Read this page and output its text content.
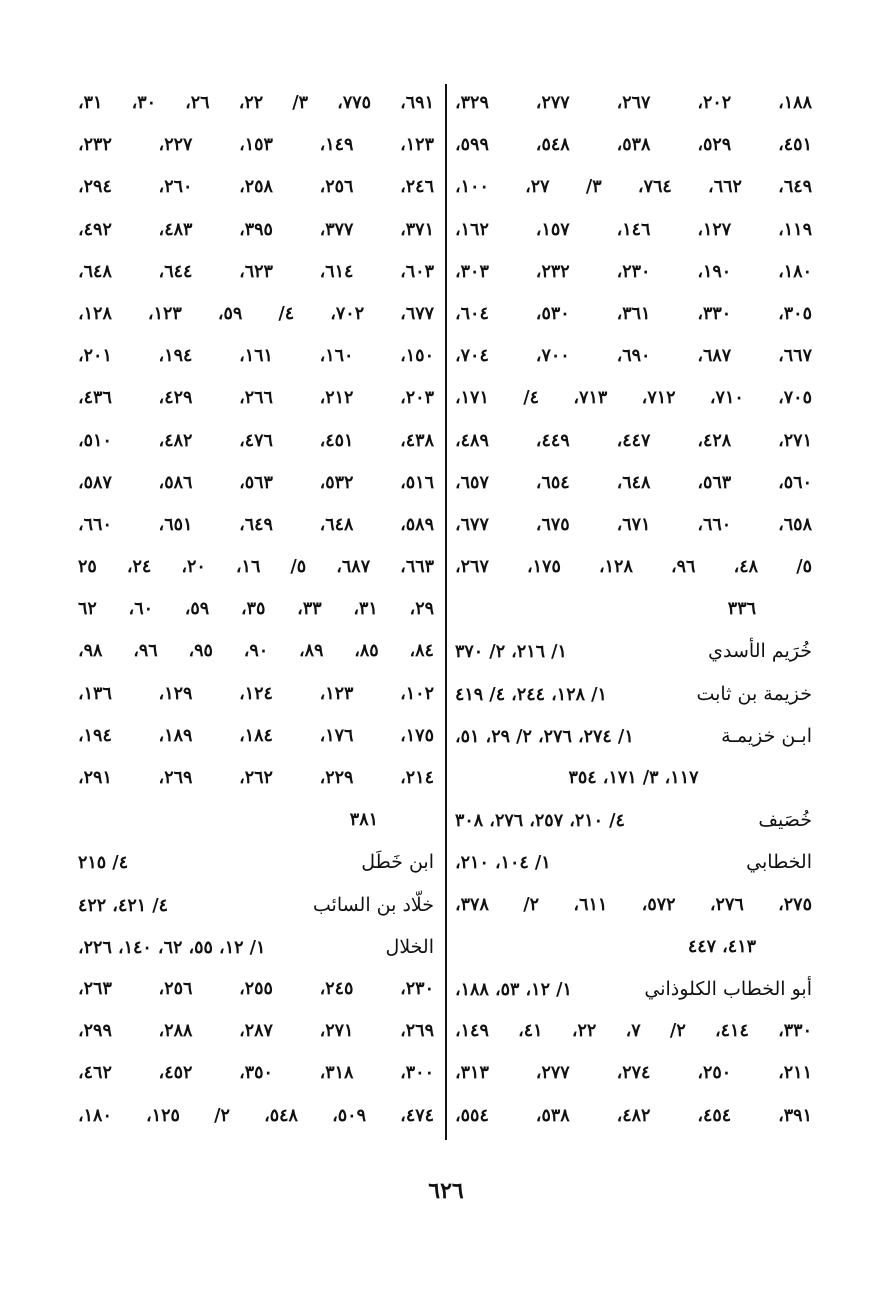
١٨٨، ٢٠٢، ٢٦٧، ٢٧٧، ٣٢٩،
٤٥١، ٥٢٩، ٥٣٨، ٥٤٨، ٥٩٩،
٦٤٩، ٦٦٢، ٧٦٤، ٣/ ٢٧، ١٠٠،
١١٩، ١٢٧، ١٤٦، ١٥٧، ١٦٢،
١٨٠، ١٩٠، ٢٣٠، ٢٣٢، ٣٠٣،
٣٠٥، ٣٣٠، ٣٦١، ٥٣٠، ٦٠٤،
٦٦٧، ٦٨٧، ٦٩٠، ٧٠٠، ٧٠٤،
٧٠٥، ٧١٠، ٧١٢، ٧١٣، ٤/ ١٧١،
٢٧١، ٤٢٨، ٤٤٧، ٤٤٩، ٤٨٩،
٥٦٠، ٥٦٣، ٦٤٨، ٦٥٤، ٦٥٧،
٦٥٨، ٦٦٠، ٦٧١، ٦٧٥، ٦٧٧،
٥/ ٤٨، ٩٦، ١٢٨، ١٧٥، ٢٦٧،
٣٣٦
خُرَيم الأسدي
١/ ٢١٦، ٢/ ٣٧٠
خزيمة بن ثابت
١/ ١٢٨، ٢٤٤، ٤/ ٤١٩
ابـن خزيمـة
١/ ٢٧٤، ٢٧٦، ٢/ ٢٩، ٥١،
١١٧، ٣/ ١٧١، ٣٥٤
خُصَيف
٤/ ٢١٠، ٢٥٧، ٢٧٦، ٣٠٨
الخطابي
١/ ١٠٤، ٢١٠،
٢٧٥، ٢٧٦، ٥٧٢، ٦١١، ٢/ ٣٧٨،
٤١٣، ٤٤٧
أبو الخطاب الكلوذاني
١/ ١٢، ٥٣، ١٨٨،
٣٣٠، ٤١٤، ٢/ ٧، ٢٢، ٤١، ١٤٩،
٢١١، ٢٥٠، ٢٧٤، ٢٧٧، ٣١٣،
٣٩١، ٤٥٤، ٤٨٢، ٥٣٨، ٥٥٤،
٦٩١، ٧٧٥، ٣/ ٢٢، ٢٦، ٣٠، ٣١،
١٢٣، ١٤٩، ١٥٣، ٢٢٧، ٢٣٢،
٢٤٦، ٢٥٦، ٢٥٨، ٢٦٠، ٢٩٤،
٣٧١، ٣٧٧، ٣٩٥، ٤٨٣، ٤٩٢،
٦٠٣، ٦١٤، ٦٢٣، ٦٤٤، ٦٤٨،
٦٧٧، ٧٠٢، ٤/ ٥٩، ١٢٣، ١٢٨،
١٥٠، ١٦٠، ١٦١، ١٩٤، ٢٠١،
٢٠٣، ٢١٢، ٢٦٦، ٤٢٩، ٤٣٦،
٤٣٨، ٤٥١، ٤٧٦، ٤٨٢، ٥١٠،
٥١٦، ٥٣٢، ٥٦٣، ٥٨٦، ٥٨٧،
٥٨٩، ٦٤٨، ٦٤٩، ٦٥١، ٦٦٠،
٦٦٣، ٦٨٧، ٥/ ١٦، ٢٠، ٢٤، ٢٥
٢٩، ٣١، ٣٣، ٣٥، ٥٩، ٦٠، ٦٢
٨٤، ٨٥، ٨٩، ٩٠، ٩٥، ٩٦، ٩٨،
١٠٢، ١٢٣، ١٢٤، ١٢٩، ١٣٦،
١٧٥، ١٧٦، ١٨٤، ١٨٩، ١٩٤،
٢١٤، ٢٢٩، ٢٦٢، ٢٦٩، ٢٩١،
٣٨١
ابن خَطَل
٤/ ٢١٥
خلّاد بن السائب
٤/ ٤٢١، ٤٢٢
الخلال
١/ ١٢، ٥٥، ٦٢، ١٤٠، ٢٢٦،
٢٣٠، ٢٤٥، ٢٥٥، ٢٥٦، ٢٦٣،
٢٦٩، ٢٧١، ٢٨٧، ٢٨٨، ٢٩٩،
٣٠٠، ٣١٨، ٣٥٠، ٤٥٢، ٤٦٢،
٤٧٤، ٥٠٩، ٥٤٨، ٢/ ١٢٥، ١٨٠،
٦٢٦
